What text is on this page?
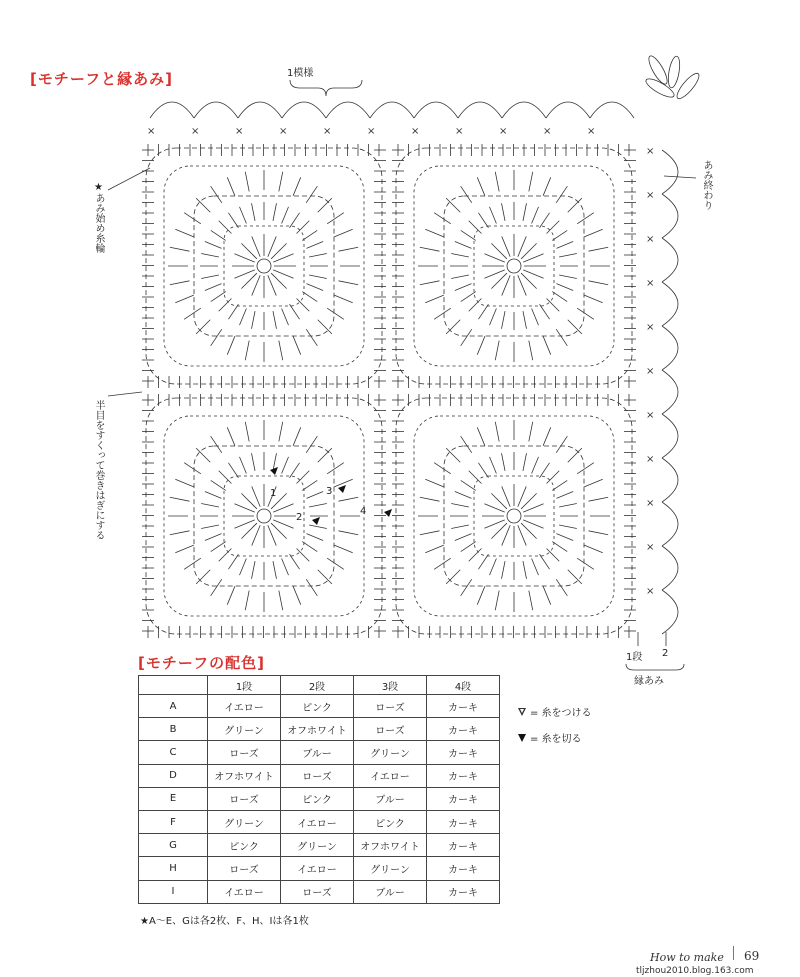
[モチーフと縁あみ]
×	×	×	×	×	×	×	×	×	×	×
×
×
×
×
×
×
×
×
×
×
×
1模様
★あみ始め糸輪
半目をすくって巻きはぎにする
あみ終わり
1
2
3
4
1段 2
縁あみ
[モチーフの配色]
	1段	2段	3段	4段
A	イエロー	ピンク	ローズ	カーキ
B	グリーン	オフホワイト	ローズ	カーキ
C	ローズ	ブルー	グリーン	カーキ
D	オフホワイト	ローズ	イエロー	カーキ
E	ローズ	ピンク	ブルー	カーキ
F	グリーン	イエロー	ピンク	カーキ
G	ピンク	グリーン	オフホワイト	カーキ
H	ローズ	イエロー	グリーン	カーキ
I	イエロー	ローズ	ブルー	カーキ
= 糸をつける
= 糸を切る
★A～E、Gは各2枚、F、H、Iは各1枚
How to make 69
tljzhou2010.blog.163.com
